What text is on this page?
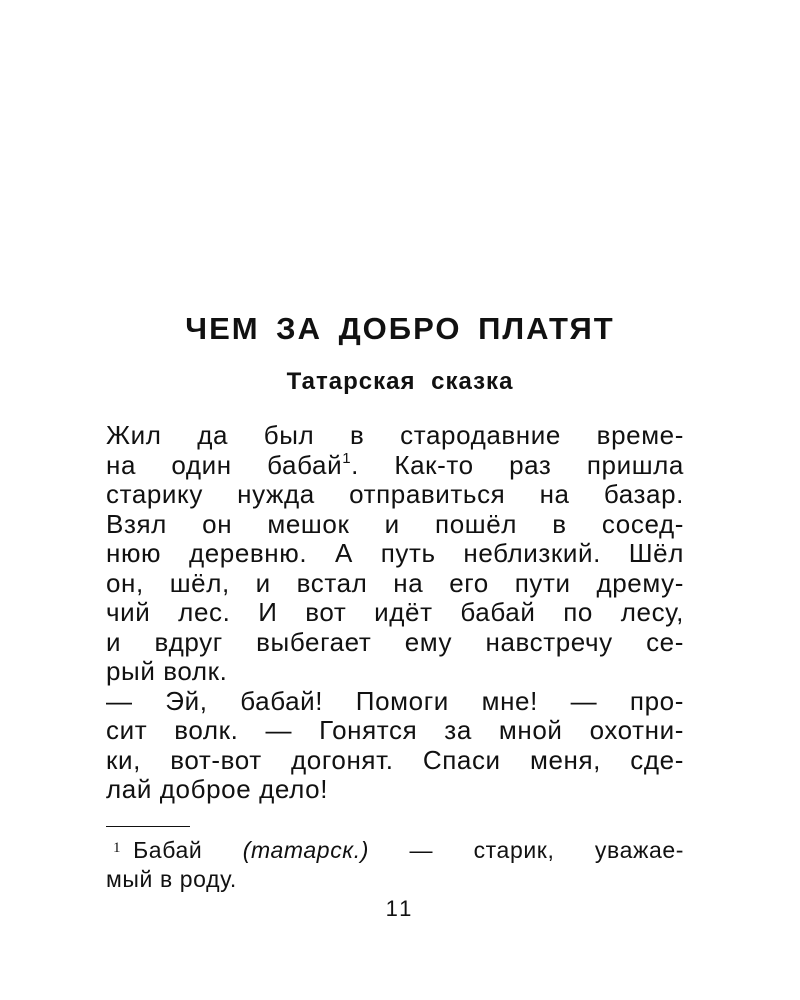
ЧЕМ ЗА ДОБРО ПЛАТЯТ
Татарская сказка
Жил да был в стародавние време-
на один бабай$^1$. Как-то раз пришла
старику нужда отправиться на базар.
Взял он мешок и пошёл в сосед-
нюю деревню. А путь неблизкий. Шёл
он, шёл, и встал на его пути дрему-
чий лес. И вот идёт бабай по лесу,
и вдруг выбегает ему навстречу се-
рый волк.
— Эй, бабай! Помоги мне! — про-
сит волк. — Гонятся за мной охотни-
ки, вот-вот догонят. Спаси меня, сде-
лай доброе дело!
$^1$ Бабай (татарск.) — старик, уважае-
мый в роду.
11
